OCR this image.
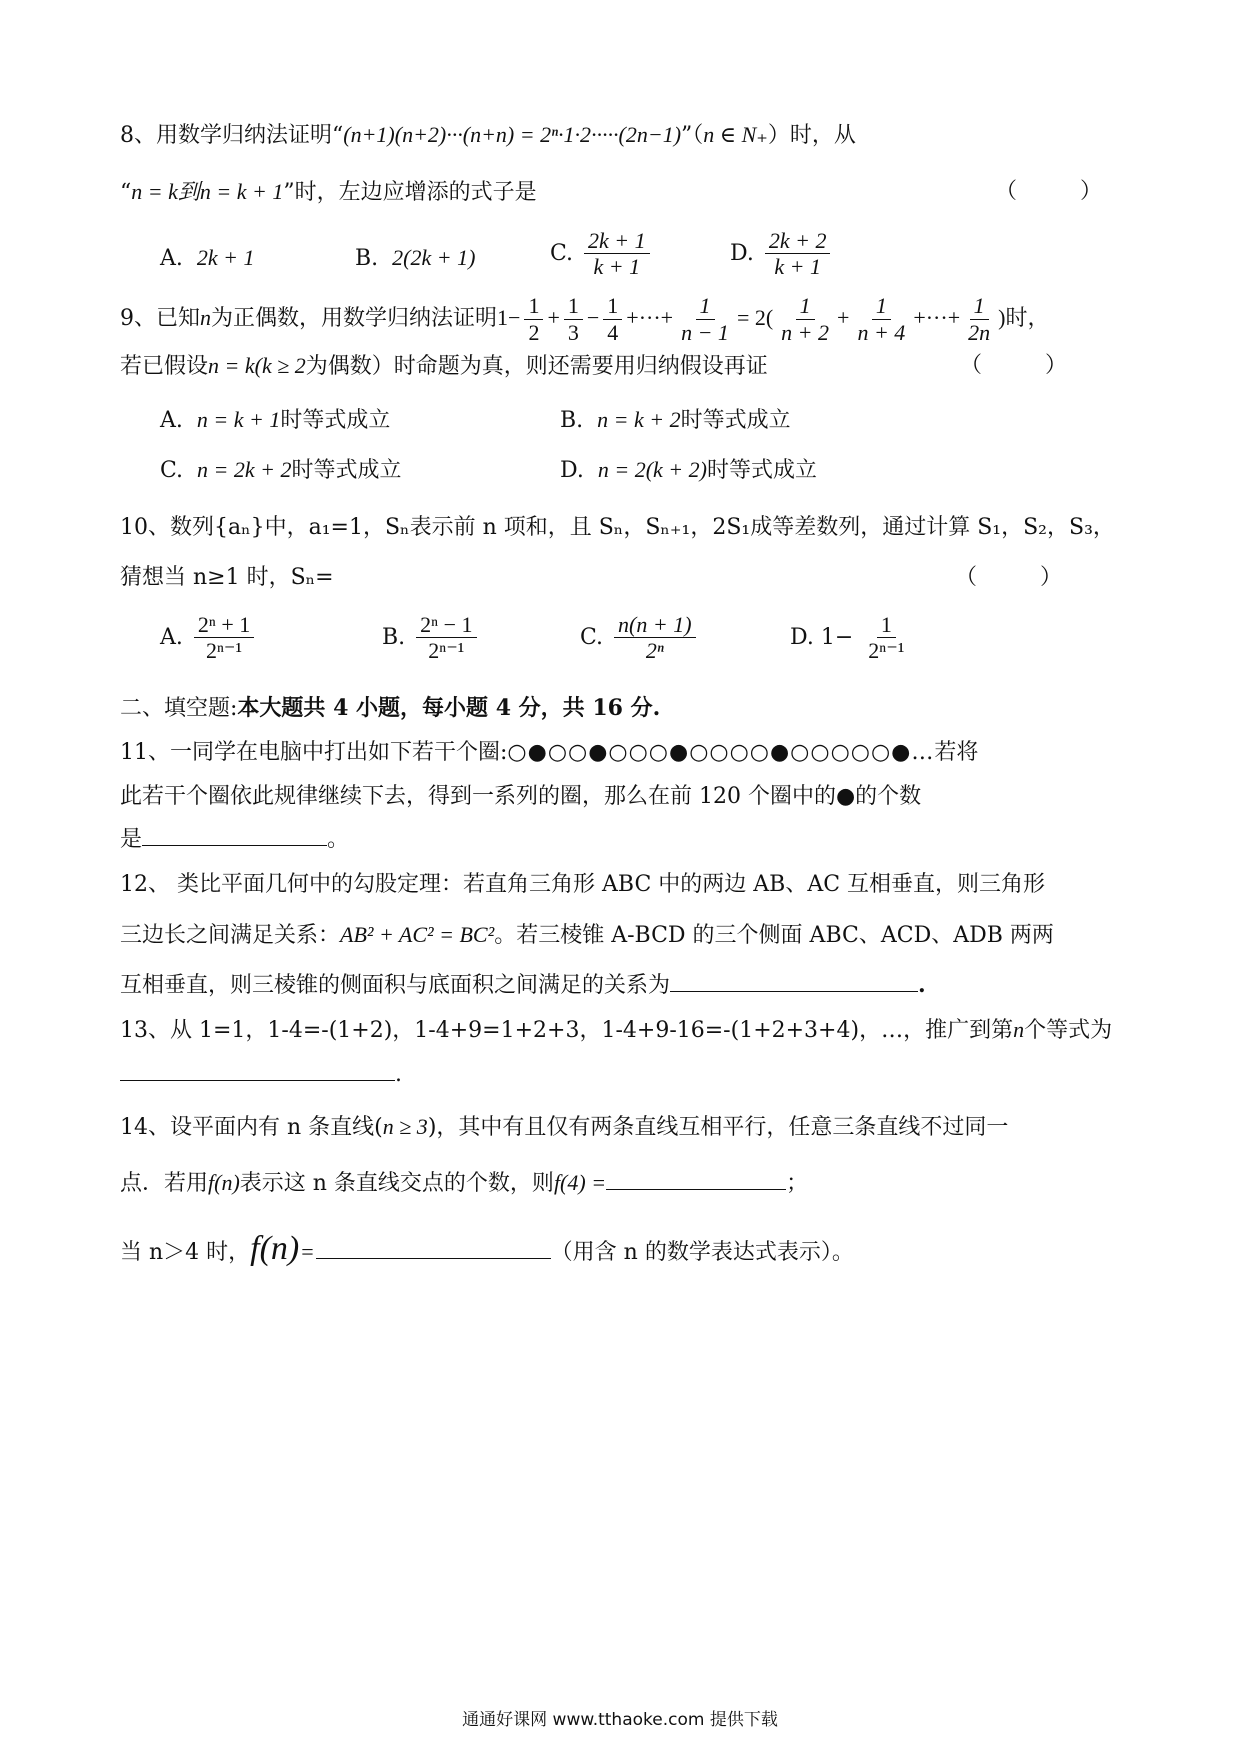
8、用数学归纳法证明“(n+1)(n+2)···(n+n) = 2ⁿ·1·2·····(2n−1)”（n ∈ N₊）时，从
“n = k到n = k + 1”时，左边应增添的式子是	（ ）
A. 2k + 1	B. 2(2k + 1)	C. $\frac{2k + 1}{k + 1}$	D. $\frac{2k + 2}{k + 1}$
9、已知n为正偶数，用数学归纳法证明$1- \frac{1}{2} + \frac{1}{3} - \frac{1}{4}$ +···+ $\frac{1}{n - 1} = 2( \frac{1}{n + 2} + \frac{1}{n + 4}$ +···+ $\frac{1}{2n}$ )时，
若已假设n = k(k ≥ 2为偶数）时命题为真，则还需要用归纳假设再证	（ ）
A. n = k + 1时等式成立	B. n = k + 2时等式成立
C. n = 2k + 2时等式成立	D. n = 2(k + 2)时等式成立
10、数列{aₙ}中，a₁=1，Sₙ表示前 n 项和，且 Sₙ，Sₙ₊₁，2S₁成等差数列，通过计算 S₁，S₂，S₃，
猜想当 n≥1 时，Sₙ=	（ ）
A. $\frac{\text{2ⁿ + 1}}{\text{2ⁿ⁻¹}}$	B. $\frac{\text{2ⁿ − 1}}{\text{2ⁿ⁻¹}}$	C. $\frac{n(n + 1)}{\text{2ⁿ}}$	D. $1- \frac{1}{\text{2ⁿ⁻¹}}$
二、填空题:本大题共 4 小题，每小题 4 分，共 16 分.
11、一同学在电脑中打出如下若干个圈:○●○○●○○○●○○○○●○○○○○●…若将
此若干个圈依此规律继续下去，得到一系列的圈，那么在前 120 个圈中的●的个数
是	。
12、 类比平面几何中的勾股定理：若直角三角形 ABC 中的两边 AB、AC 互相垂直，则三角形
三边长之间满足关系：AB² + AC² = BC²。若三棱锥 A-BCD 的三个侧面 ABC、ACD、ADB 两两
互相垂直，则三棱锥的侧面积与底面积之间满足的关系为	.
13、从 1=1，1-4=-(1+2)，1-4+9=1+2+3，1-4+9-16=-(1+2+3+4)，…，推广到第n个等式为
.
14、设平面内有 n 条直线(n ≥ 3)，其中有且仅有两条直线互相平行，任意三条直线不过同一
点．若用f(n)表示这 n 条直线交点的个数，则f(4) =	；
当 n＞4 时，f(n)=	（用含 n 的数学表达式表示）。
通通好课网 www.tthaoke.com 提供下载
